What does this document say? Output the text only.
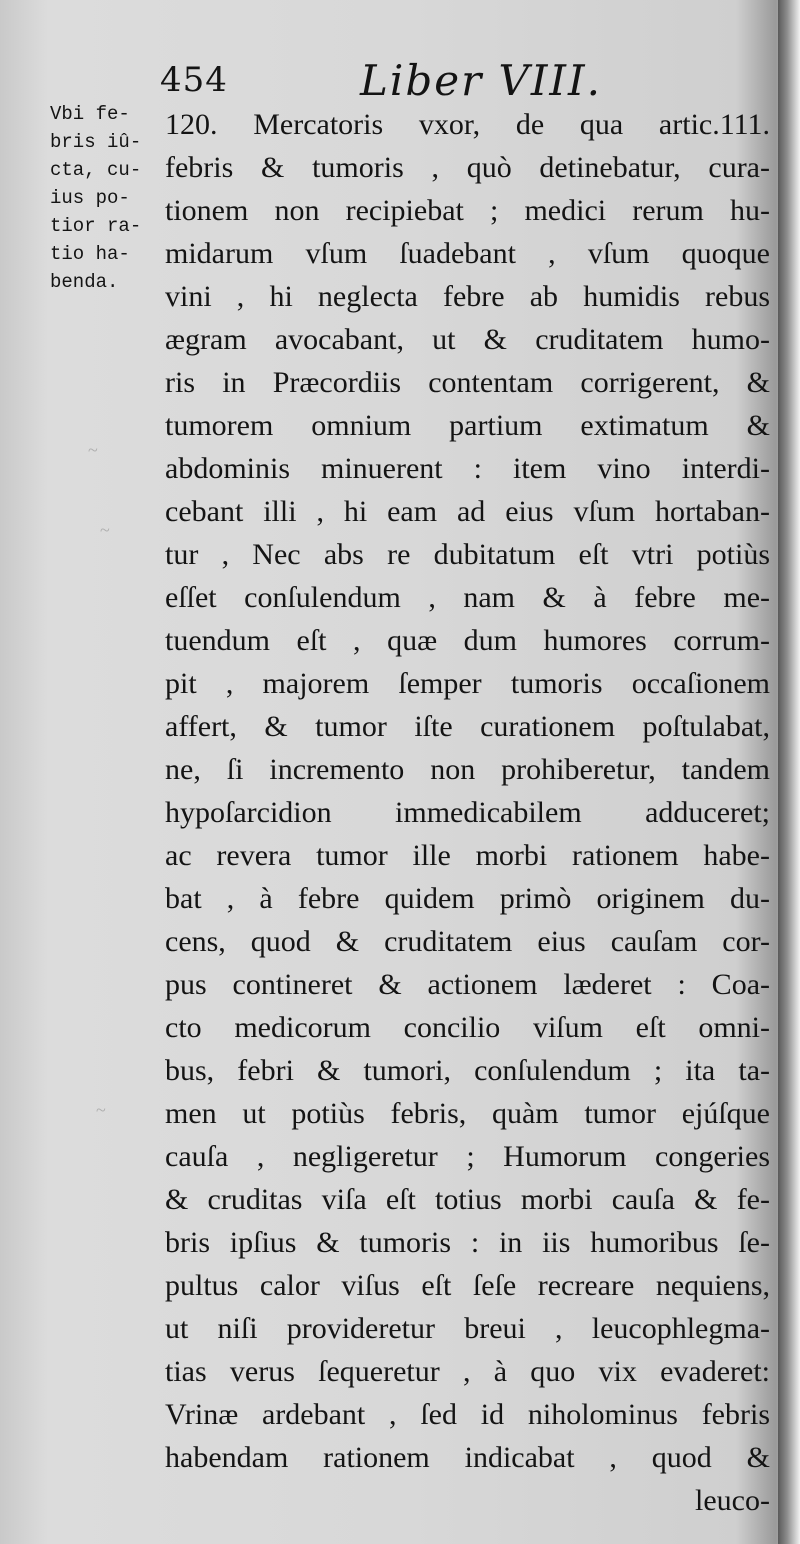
~
~
~
454	Liber VIII.
Vbi fe-
bris iû-
cta, cu-
ius po-
tior ra-
tio ha-
benda.
120. Mercatoris vxor, de qua artic.111.
febris & tumoris , quò detinebatur, cura-
tionem non recipiebat ; medici rerum hu-
midarum vſum ſuadebant , vſum quoque
vini , hi neglecta febre ab humidis rebus
ægram avocabant, ut & cruditatem humo-
ris in Præcordiis contentam corrigerent, &
tumorem omnium partium extimatum &
abdominis minuerent : item vino interdi-
cebant illi , hi eam ad eius vſum hortaban-
tur , Nec abs re dubitatum eſt vtri potiùs
eſſet conſulendum , nam & à febre me-
tuendum eſt , quæ dum humores corrum-
pit , majorem ſemper tumoris occaſionem
affert, & tumor iſte curationem poſtulabat,
ne, ſi incremento non prohiberetur, tandem
hypoſarcidion immedicabilem adduceret;
ac revera tumor ille morbi rationem habe-
bat , à febre quidem primò originem du-
cens, quod & cruditatem eius cauſam cor-
pus contineret & actionem læderet : Coa-
cto medicorum concilio viſum eſt omni-
bus, febri & tumori, conſulendum ; ita ta-
men ut potiùs febris, quàm tumor ejúſque
cauſa , negligeretur ; Humorum congeries
& cruditas viſa eſt totius morbi cauſa & fe-
bris ipſius & tumoris : in iis humoribus ſe-
pultus calor viſus eſt ſeſe recreare nequiens,
ut niſi provideretur breui , leucophlegma-
tias verus ſequeretur , à quo vix evaderet:
Vrinæ ardebant , ſed id niholominus febris
habendam rationem indicabat , quod &
leuco-
